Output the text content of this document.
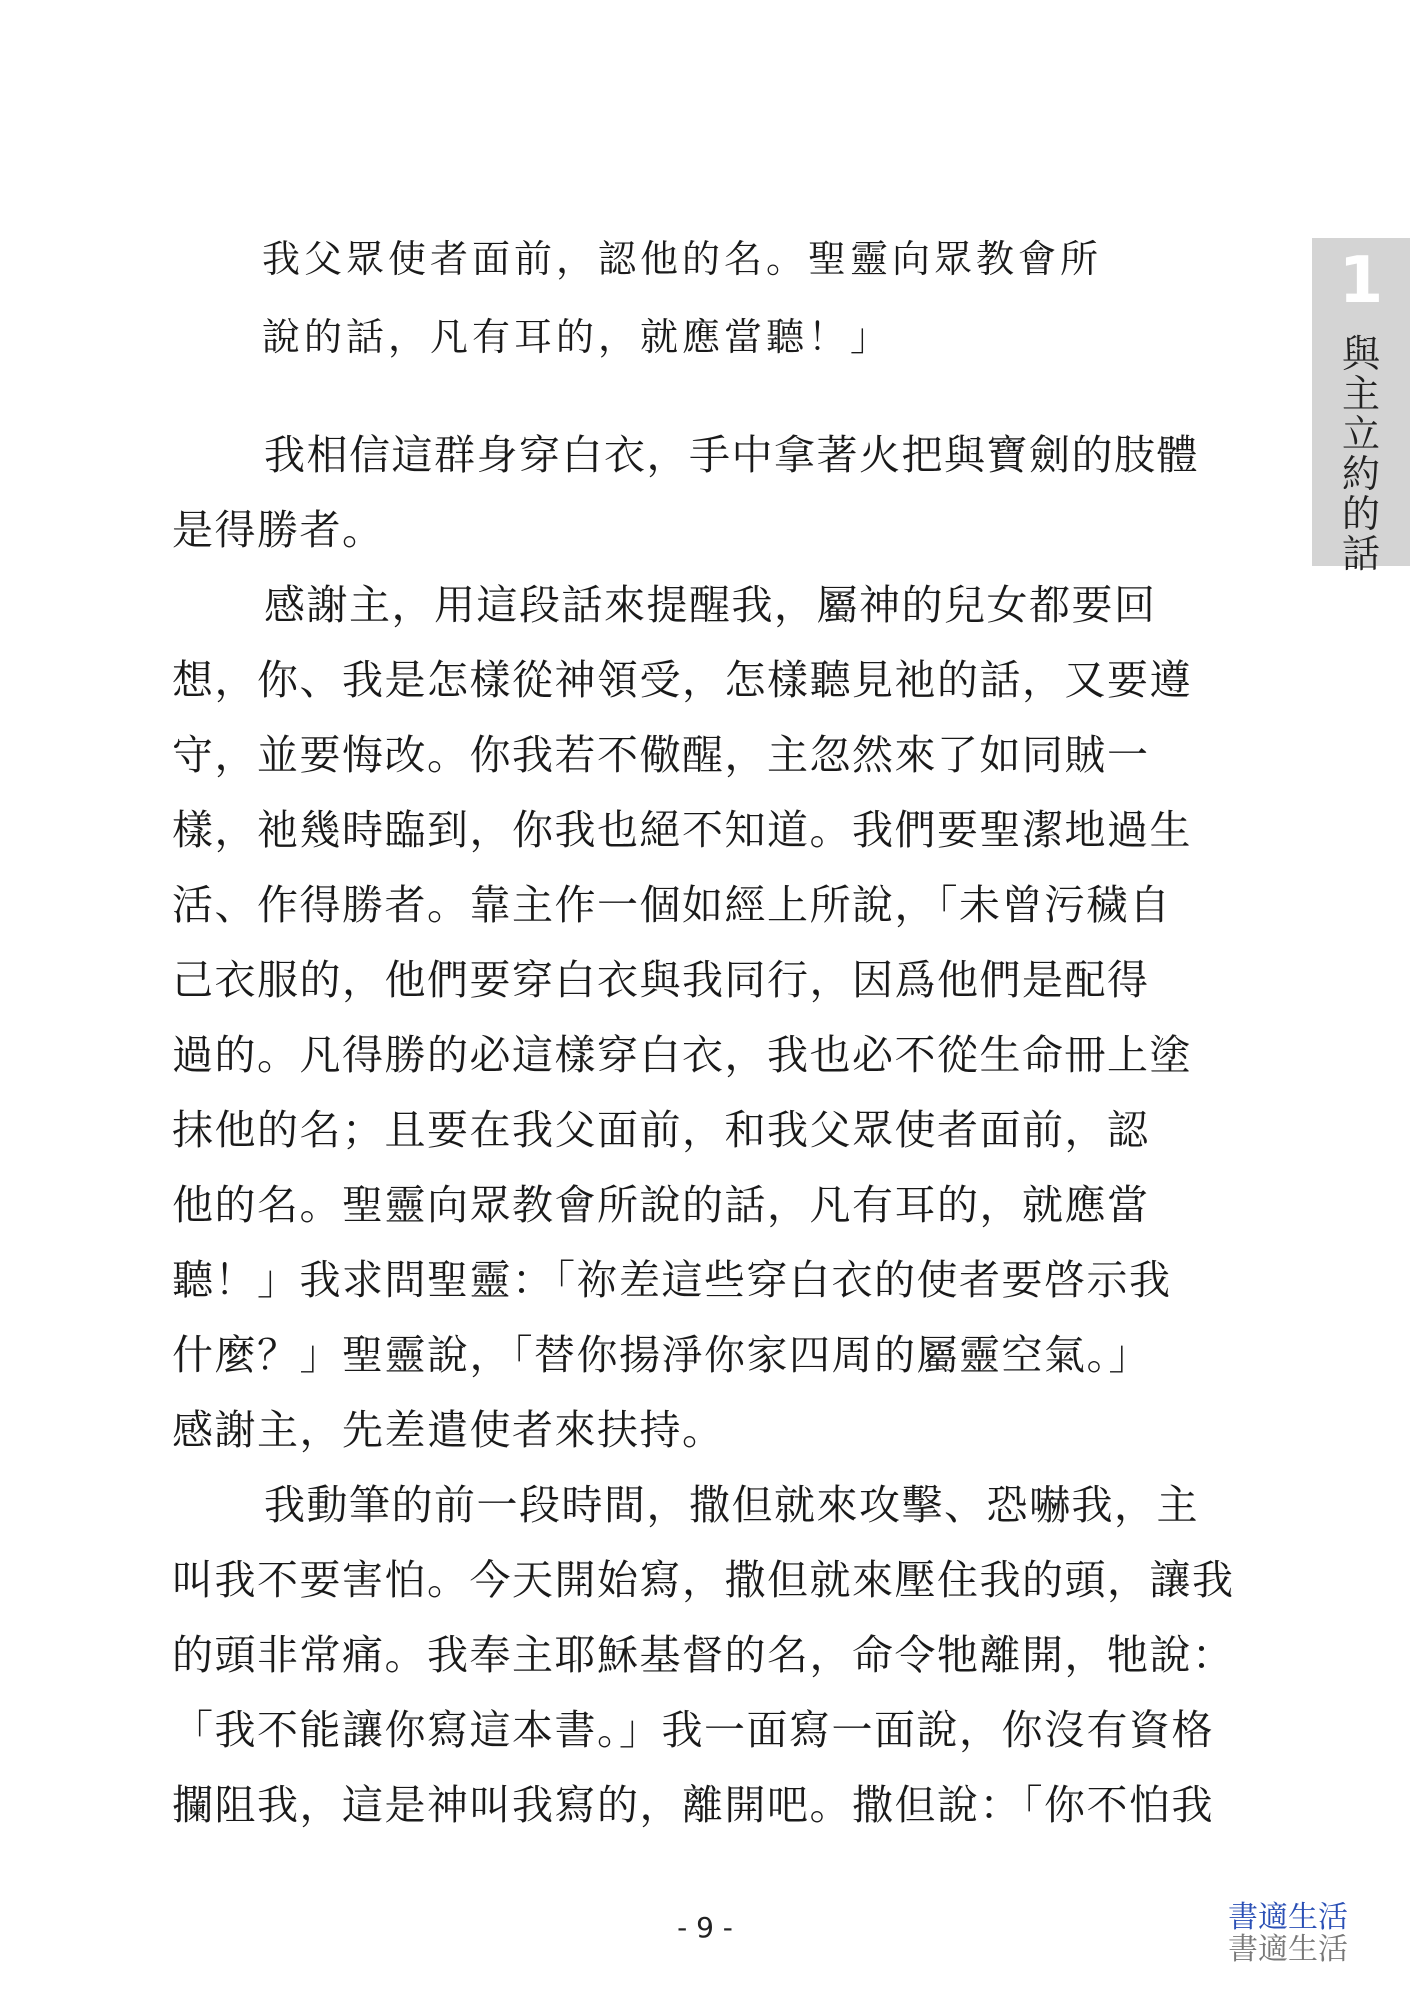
1
與
主
立
約
的
話
我父眾使者面前，認他的名。聖靈向眾教會所
說的話，凡有耳的，就應當聽！」
我相信這群身穿白衣，手中拿著火把與寶劍的肢體
是得勝者。
感謝主，用這段話來提醒我，屬神的兒女都要回
想，你、我是怎樣從神領受，怎樣聽見祂的話，又要遵
守，並要悔改。你我若不儆醒，主忽然來了如同賊一
樣，祂幾時臨到，你我也絕不知道。我們要聖潔地過生
活、作得勝者。靠主作一個如經上所說，「未曾污穢自
己衣服的，他們要穿白衣與我同行，因爲他們是配得
過的。凡得勝的必這樣穿白衣，我也必不從生命冊上塗
抹他的名；且要在我父面前，和我父眾使者面前，認
他的名。聖靈向眾教會所說的話，凡有耳的，就應當
聽！」我求問聖靈：「祢差這些穿白衣的使者要啓示我
什麼？」聖靈說，「替你揚淨你家四周的屬靈空氣。」
感謝主，先差遣使者來扶持。
我動筆的前一段時間，撒但就來攻擊、恐嚇我，主
叫我不要害怕。今天開始寫，撒但就來壓住我的頭，讓我
的頭非常痛。我奉主耶穌基督的名，命令牠離開，牠說：
「我不能讓你寫這本書。」我一面寫一面說，你沒有資格
攔阻我，這是神叫我寫的，離開吧。撒但說：「你不怕我
- 9 -	書適生活
書適生活
